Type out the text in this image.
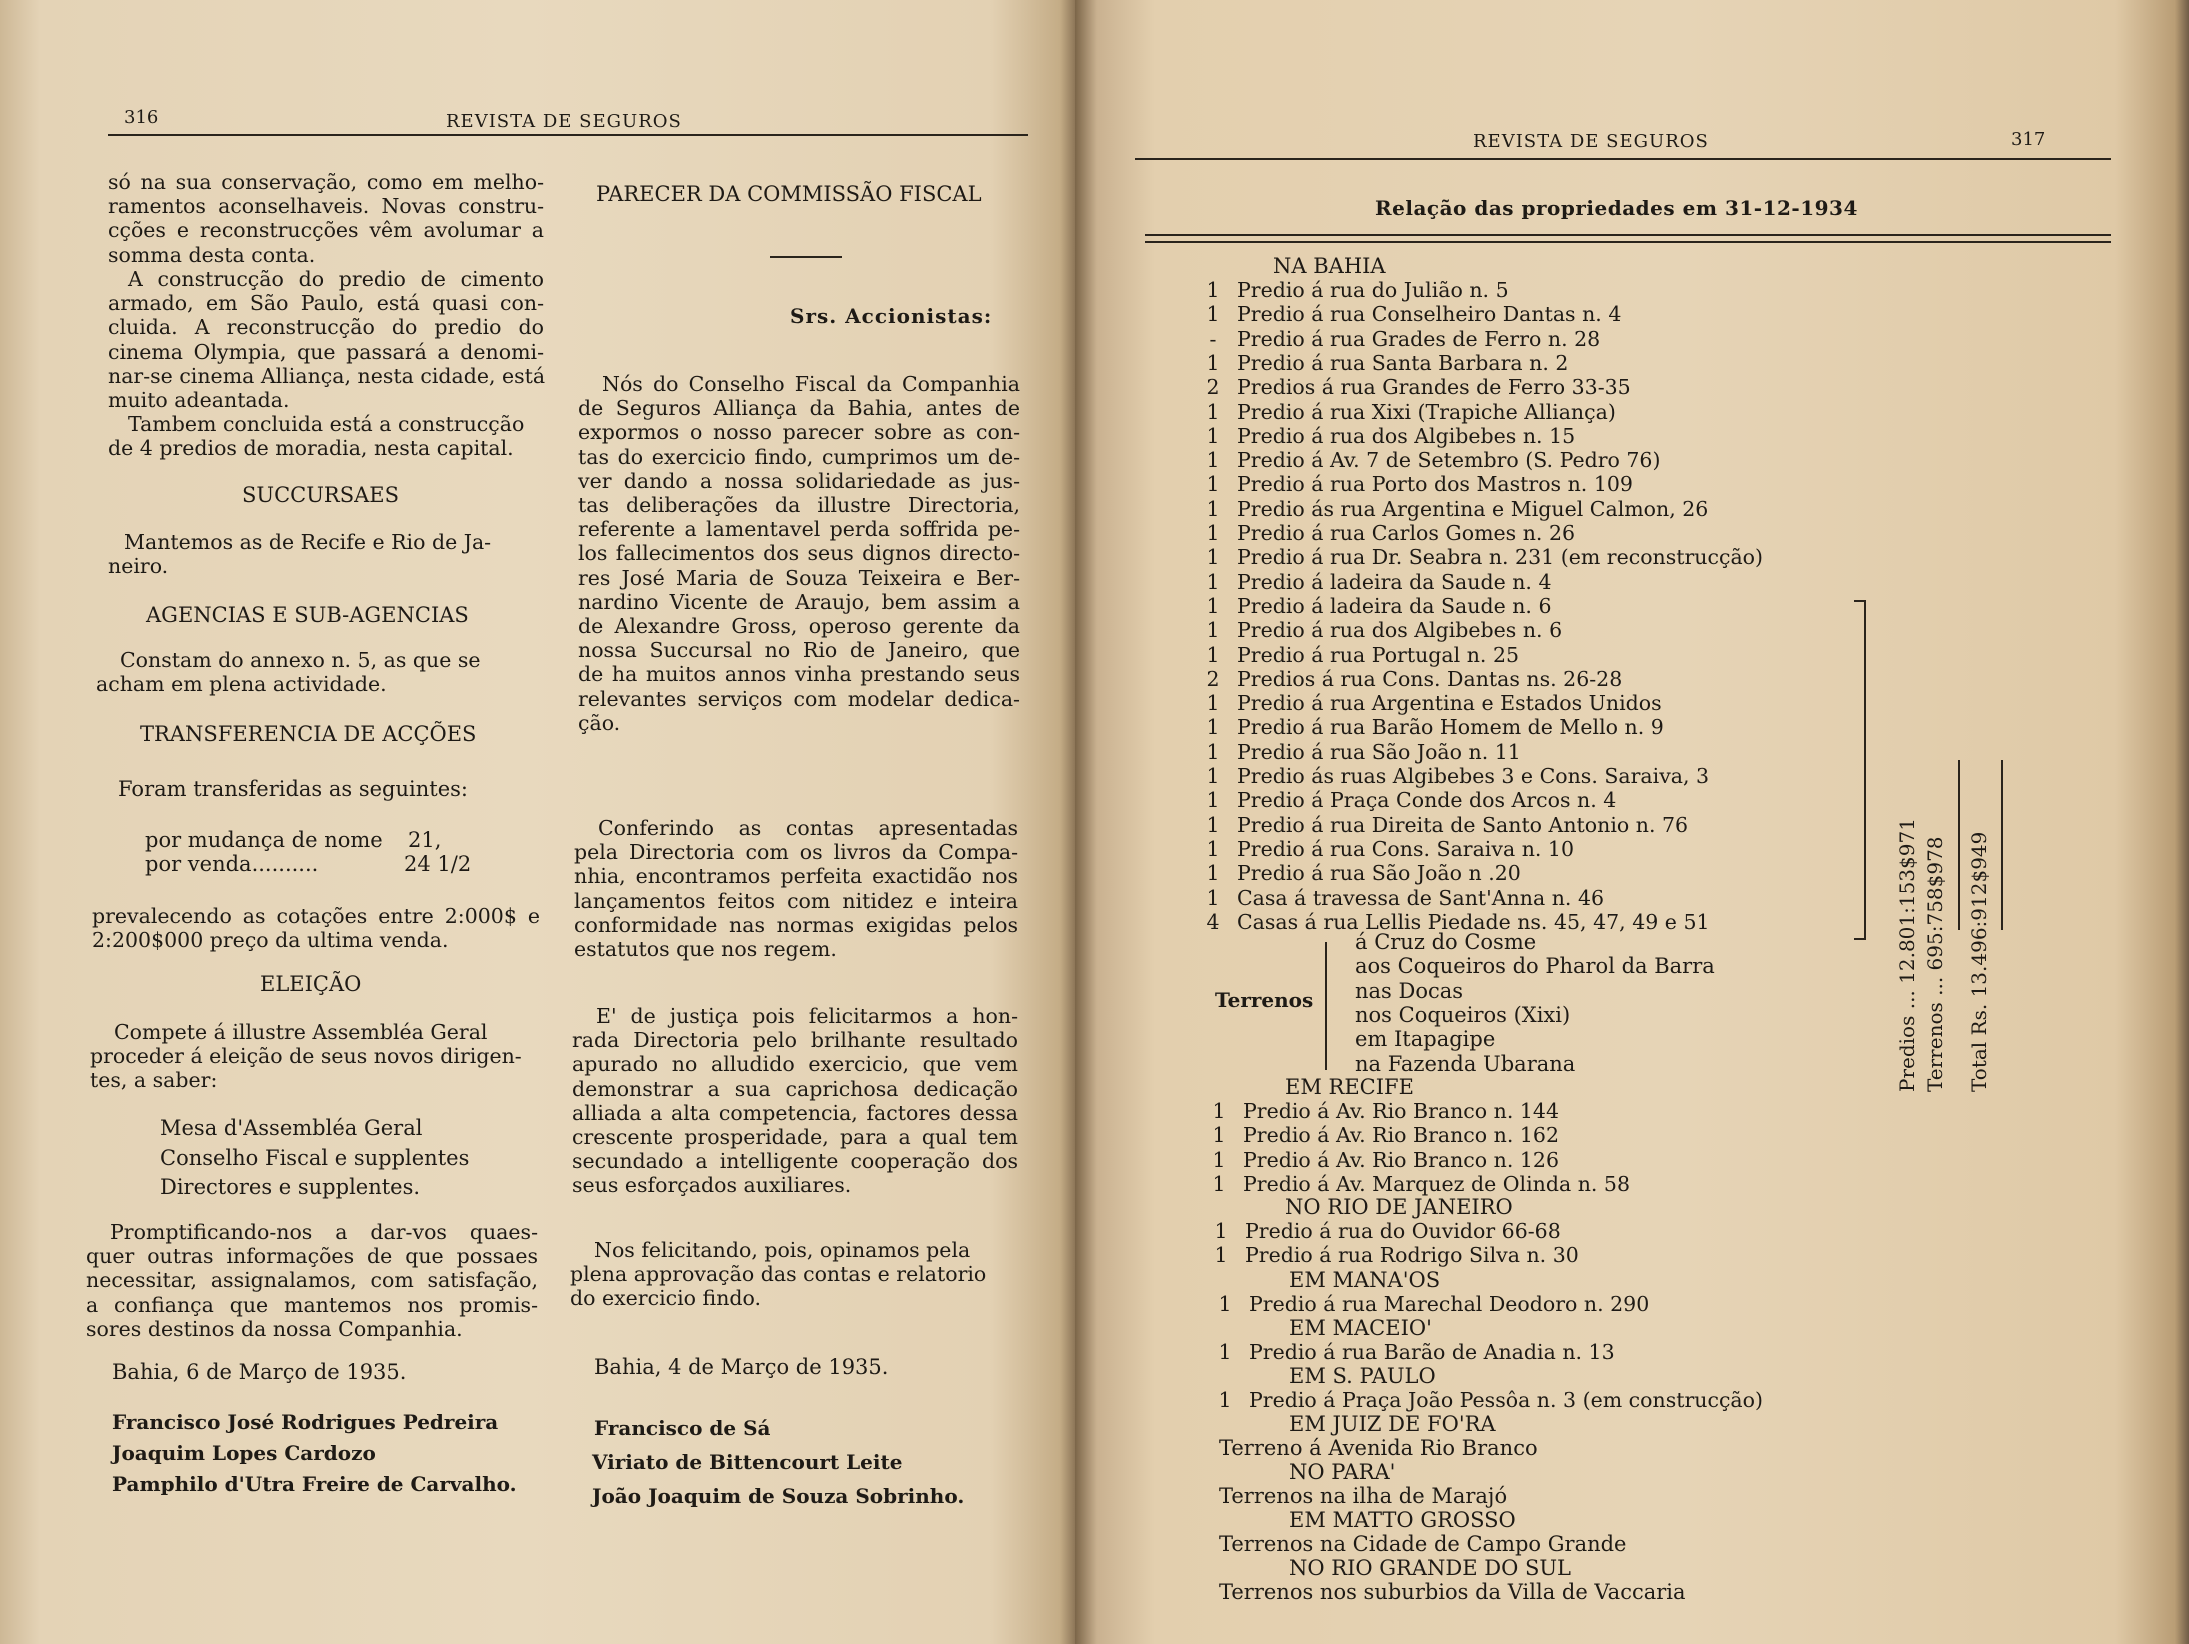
316	REVISTA DE SEGUROS
só na sua conservação, como em melho-
ramentos aconselhaveis. Novas constru-
cções e reconstrucções vêm avolumar a
somma desta conta.
A construcção do predio de cimento
armado, em São Paulo, está quasi con-
cluida. A reconstrucção do predio do
cinema Olympia, que passará a denomi-
nar-se cinema Alliança, nesta cidade, está
muito adeantada.
Tambem concluida está a construcção
de 4 predios de moradia, nesta capital.
SUCCURSAES
Mantemos as de Recife e Rio de Ja-
neiro.
AGENCIAS E SUB-AGENCIAS
Constam do annexo n. 5, as que se
acham em plena actividade.
TRANSFERENCIA DE ACÇÕES
Foram transferidas as seguintes:
por mudança de nome 21,
por venda..........	24 1/2
prevalecendo as cotações entre 2:000$ e
2:200$000 preço da ultima venda.
ELEIÇÃO
Compete á illustre Assembléa Geral
proceder á eleição de seus novos dirigen-
tes, a saber:
Mesa d'Assembléa Geral
Conselho Fiscal e supplentes
Directores e supplentes.
Promptificando-nos a dar-vos quaes-
quer outras informações de que possaes
necessitar, assignalamos, com satisfação,
a confiança que mantemos nos promis-
sores destinos da nossa Companhia.
Bahia, 6 de Março de 1935.
Francisco José Rodrigues Pedreira
Joaquim Lopes Cardozo
Pamphilo d'Utra Freire de Carvalho.
PARECER DA COMMISSÃO FISCAL
Srs. Accionistas:
Nós do Conselho Fiscal da Companhia
de Seguros Alliança da Bahia, antes de
expormos o nosso parecer sobre as con-
tas do exercicio findo, cumprimos um de-
ver dando a nossa solidariedade as jus-
tas deliberações da illustre Directoria,
referente a lamentavel perda soffrida pe-
los fallecimentos dos seus dignos directo-
res José Maria de Souza Teixeira e Ber-
nardino Vicente de Araujo, bem assim a
de Alexandre Gross, operoso gerente da
nossa Succursal no Rio de Janeiro, que
de ha muitos annos vinha prestando seus
relevantes serviços com modelar dedica-
ção.
Conferindo as contas apresentadas
pela Directoria com os livros da Compa-
nhia, encontramos perfeita exactidão nos
lançamentos feitos com nitidez e inteira
conformidade nas normas exigidas pelos
estatutos que nos regem.
E' de justiça pois felicitarmos a hon-
rada Directoria pelo brilhante resultado
apurado no alludido exercicio, que vem
demonstrar a sua caprichosa dedicação
alliada a alta competencia, factores dessa
crescente prosperidade, para a qual tem
secundado a intelligente cooperação dos
seus esforçados auxiliares.
Nos felicitando, pois, opinamos pela
plena approvação das contas e relatorio
do exercicio findo.
Bahia, 4 de Março de 1935.
Francisco de Sá
Viriato de Bittencourt Leite
João Joaquim de Souza Sobrinho.
REVISTA DE SEGUROS	317
Relação das propriedades em 31-12-1934
NA BAHIA
1 Predio á rua do Julião n. 5
1 Predio á rua Conselheiro Dantas n. 4
-	Predio á rua Grades de Ferro n. 28
1 Predio á rua Santa Barbara n. 2
2 Predios á rua Grandes de Ferro 33-35
1 Predio á rua Xixi (Trapiche Alliança)
1 Predio á rua dos Algibebes n. 15
1 Predio á Av. 7 de Setembro (S. Pedro 76)
1 Predio á rua Porto dos Mastros n. 109
1 Predio ás rua Argentina e Miguel Calmon, 26
1 Predio á rua Carlos Gomes n. 26
1 Predio á rua Dr. Seabra n. 231 (em reconstrucção)
1 Predio á ladeira da Saude n. 4
1 Predio á ladeira da Saude n. 6
1 Predio á rua dos Algibebes n. 6
1 Predio á rua Portugal n. 25
2 Predios á rua Cons. Dantas ns. 26-28
1 Predio á rua Argentina e Estados Unidos
1 Predio á rua Barão Homem de Mello n. 9
1 Predio á rua São João n. 11
1 Predio ás ruas Algibebes 3 e Cons. Saraiva, 3
1 Predio á Praça Conde dos Arcos n. 4
1 Predio á rua Direita de Santo Antonio n. 76
1 Predio á rua Cons. Saraiva n. 10
1 Predio á rua São João n .20
1 Casa á travessa de Sant'Anna n. 46
4 Casas á rua Lellis Piedade ns. 45, 47, 49 e 51
Terrenos
á Cruz do Cosme
aos Coqueiros do Pharol da Barra
nas Docas
nos Coqueiros (Xixi)
em Itapagipe
na Fazenda Ubarana
EM RECIFE
1 Predio á Av. Rio Branco n. 144
1 Predio á Av. Rio Branco n. 162
1 Predio á Av. Rio Branco n. 126
1 Predio á Av. Marquez de Olinda n. 58
NO RIO DE JANEIRO
1 Predio á rua do Ouvidor 66-68
1 Predio á rua Rodrigo Silva n. 30
EM MANA'OS
1 Predio á rua Marechal Deodoro n. 290
EM MACEIO'
1 Predio á rua Barão de Anadia n. 13
EM S. PAULO
1 Predio á Praça João Pessôa n. 3 (em construcção)
EM JUIZ DE FO'RA
Terreno á Avenida Rio Branco
NO PARA'
Terrenos na ilha de Marajó
EM MATTO GROSSO
Terrenos na Cidade de Campo Grande
NO RIO GRANDE DO SUL
Terrenos nos suburbios da Villa de Vaccaria
Predios ... 12.801:153$971 Terrenos ... 695:758$978 Total Rs. 13.496:912$949
